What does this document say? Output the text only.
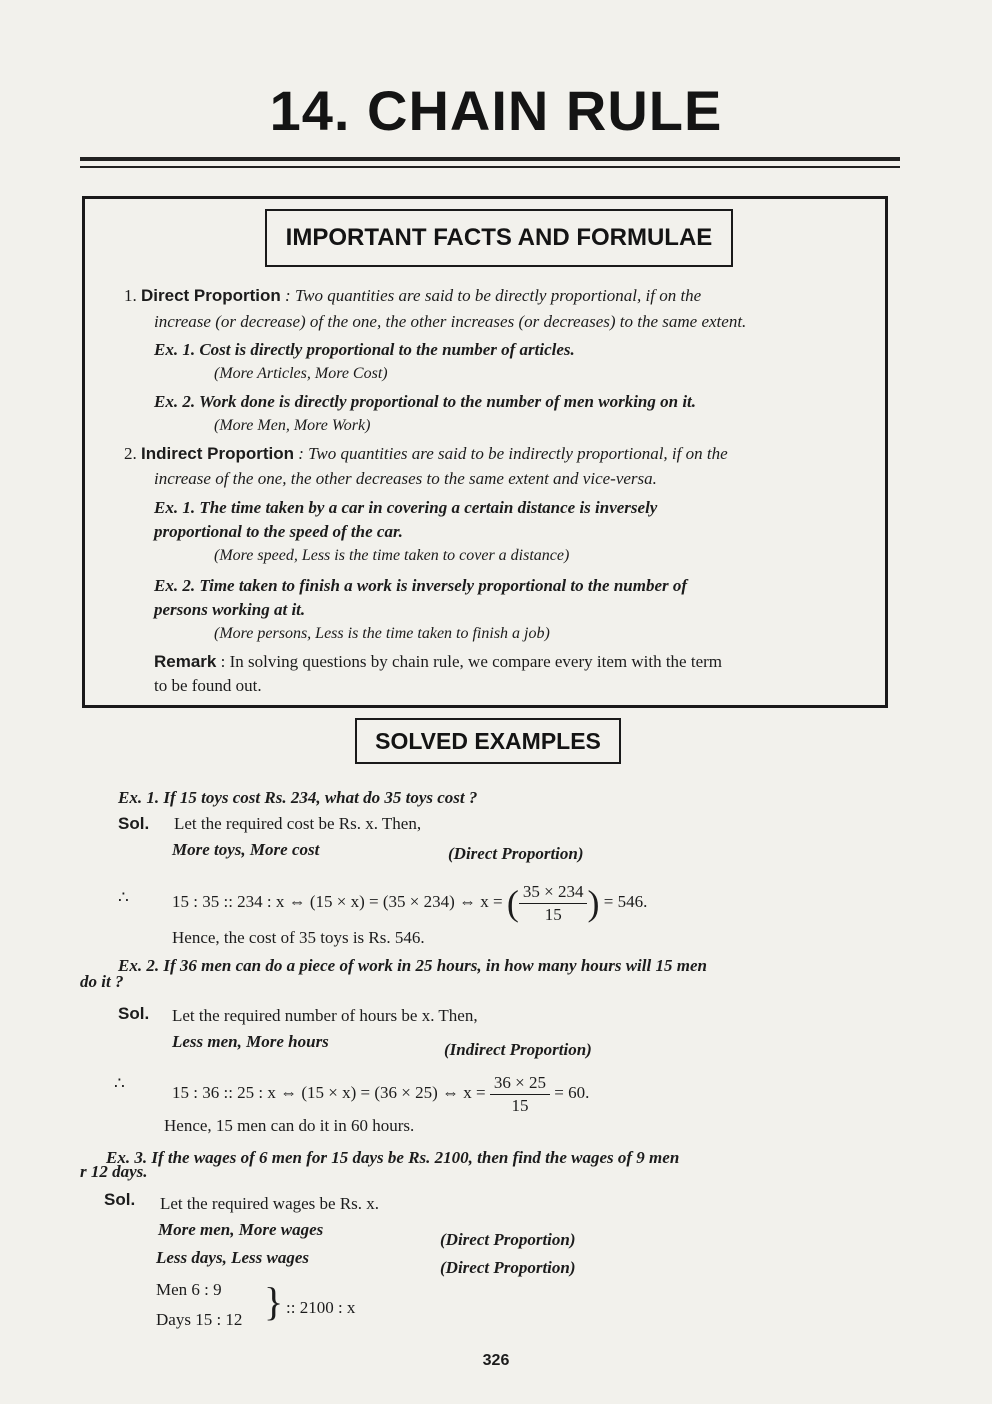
14. CHAIN RULE
IMPORTANT FACTS AND FORMULAE
1. Direct Proportion : Two quantities are said to be directly proportional, if on the
increase (or decrease) of the one, the other increases (or decreases) to the same extent.
Ex. 1. Cost is directly proportional to the number of articles.
(More Articles, More Cost)
Ex. 2. Work done is directly proportional to the number of men working on it.
(More Men, More Work)
2. Indirect Proportion : Two quantities are said to be indirectly proportional, if on the
increase of the one, the other decreases to the same extent and vice-versa.
Ex. 1. The time taken by a car in covering a certain distance is inversely
proportional to the speed of the car.
(More speed, Less is the time taken to cover a distance)
Ex. 2. Time taken to finish a work is inversely proportional to the number of
persons working at it.
(More persons, Less is the time taken to finish a job)
Remark : In solving questions by chain rule, we compare every item with the term
to be found out.
SOLVED EXAMPLES
Ex. 1. If 15 toys cost Rs. 234, what do 35 toys cost ?
Sol. Let the required cost be Rs. x. Then,
More toys, More cost	(Direct Proportion)
∴	15 : 35 :: 234 : x ⇔ (15 × x) = (35 × 234) ⇔ x = ( $\frac{35 \times 234}{15}$ ) = 546.
Hence, the cost of 35 toys is Rs. 546.
Ex. 2. If 36 men can do a piece of work in 25 hours, in how many hours will 15 men
do it ?
Sol. Let the required number of hours be x. Then,
Less men, More hours	(Indirect Proportion)
∴	15 : 36 :: 25 : x ⇔ (15 × x) = (36 × 25) ⇔ $x = \frac{36 \times 25}{15} = 60$.
Hence, 15 men can do it in 60 hours.
Ex. 3. If the wages of 6 men for 15 days be Rs. 2100, then find the wages of 9 men
r 12 days.
Sol. Let the required wages be Rs. x.
More men, More wages
(Direct Proportion)
Less days, Less wages
(Direct Proportion)
Men 6 : 9
Days 15 : 12 } :: 2100 : x
326
